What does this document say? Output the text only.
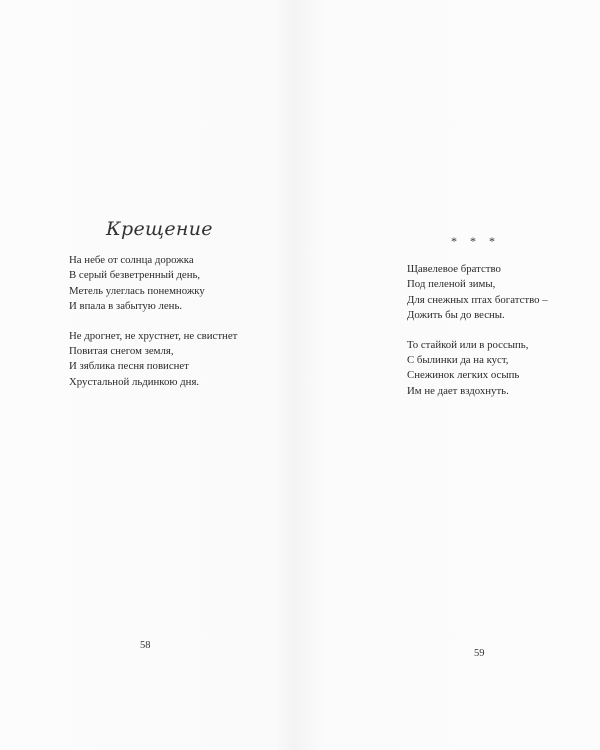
Крещение
На небе от солнца дорожка
В серый безветренный день,
Метель улеглась понемножку
И впала в забытую лень.
Не дрогнет, не хрустнет, не свистнет
Повитая снегом земля,
И зяблика песня повиснет
Хрустальной льдинкою дня.
58
* * *
Щавелевое братство
Под пеленой зимы,
Для снежных птах богатство –
Дожить бы до весны.
То стайкой или в россыпь,
С былинки да на куст,
Снежинок легких осыпь
Им не дает вздохнуть.
59
